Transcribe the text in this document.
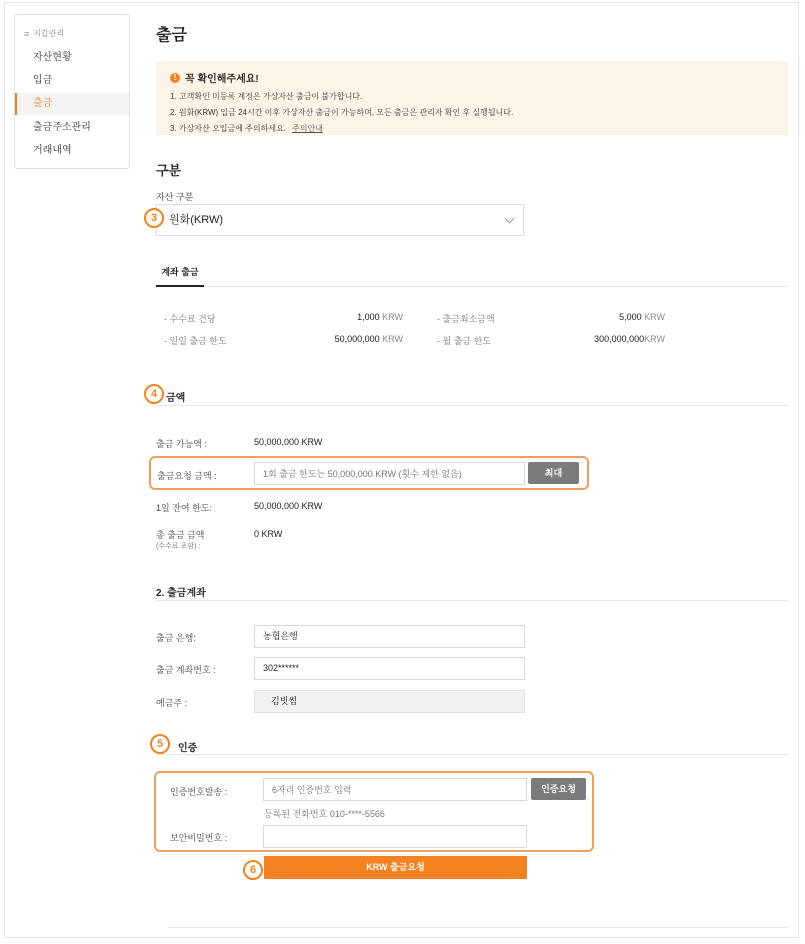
≡ 지갑관리
자산현황
입금
출금
출금주소관리
거래내역
출금
! 꼭 확인해주세요!
1. 고객확인 미등록 계정은 가상자산 출금이 불가합니다.
2. 원화(KRW) 입금 24시간 이후 가상자산 출금이 가능하며, 모든 출금은 관리자 확인 후 실행됩니다.
3. 가상자산 오입금에 주의하세요. 주의안내
구분
자산 구분
원화(KRW)
3
계좌 출금
- 수수료 건당	1,000 KRW	- 출금최소금액	5,000 KRW
- 일일 출금 한도	50,000,000 KRW	- 월 출금 한도	300,000,000KRW
4 금액
출금 가능액 :	50,000,000 KRW
출금요청 금액 :
1회 출금 한도는 50,000,000 KRW (횟수 제한 없음)	최대
1일 잔여 한도:	50,000,000 KRW
총 출금 금액
(수수료 포함) :
0 KRW
2. 출금계좌
출금 은행:	농협은행
출금 계좌번호 :	302******
예금주 :	김빗썸
5	인증
인증번호발송 :
6자리 인증번호 입력	인증요청
등록된 전화번호 010-****-5566
보안비밀번호 :
6	KRW 출금요청
